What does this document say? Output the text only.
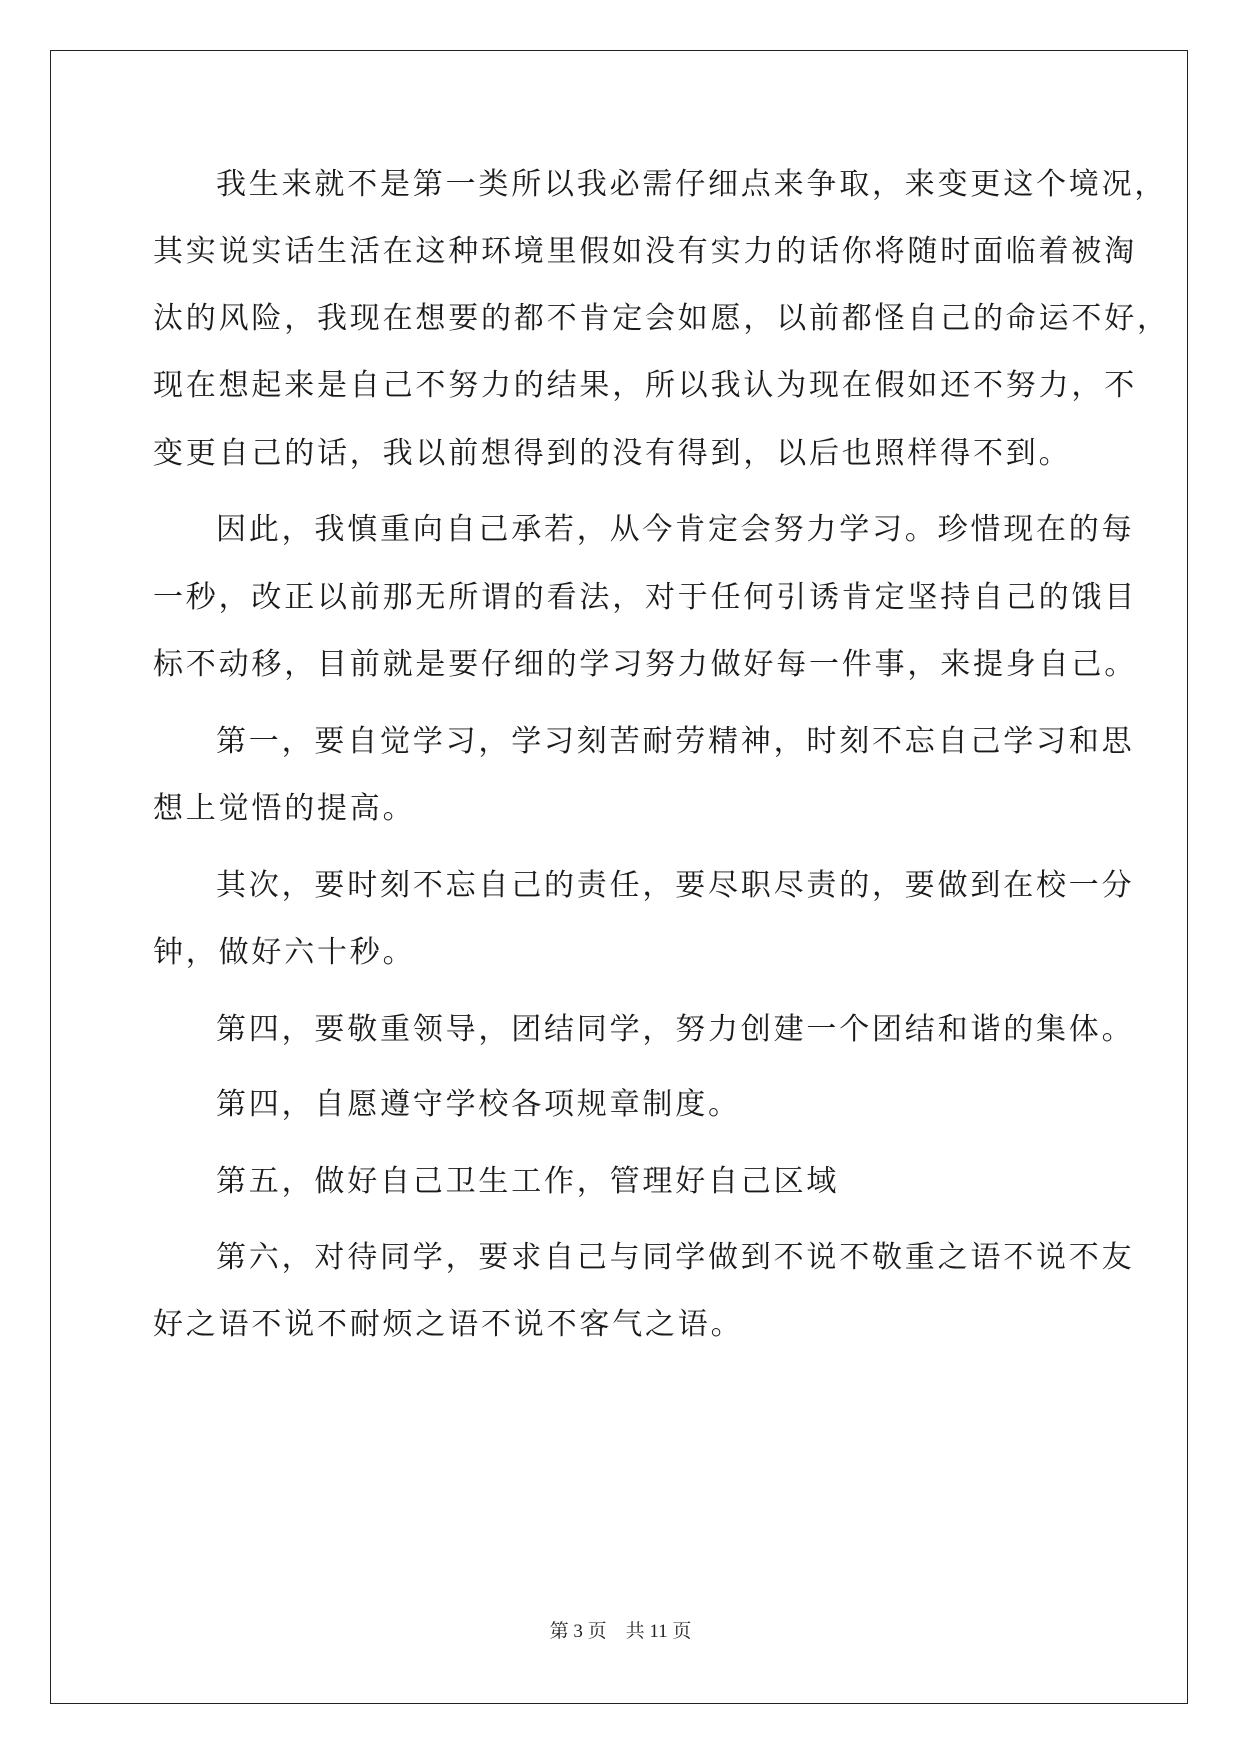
我生来就不是第一类所以我必需仔细点来争取，来变更这个境况，
其实说实话生活在这种环境里假如没有实力的话你将随时面临着被淘
汰的风险，我现在想要的都不肯定会如愿，以前都怪自己的命运不好，
现在想起来是自己不努力的结果，所以我认为现在假如还不努力，不
变更自己的话，我以前想得到的没有得到，以后也照样得不到。
因此，我慎重向自己承若，从今肯定会努力学习。珍惜现在的每
一秒，改正以前那无所谓的看法，对于任何引诱肯定坚持自己的饿目
标不动移，目前就是要仔细的学习努力做好每一件事，来提身自己。
第一，要自觉学习，学习刻苦耐劳精神，时刻不忘自己学习和思
想上觉悟的提高。
其次，要时刻不忘自己的责任，要尽职尽责的，要做到在校一分
钟，做好六十秒。
第四，要敬重领导，团结同学，努力创建一个团结和谐的集体。
第四，自愿遵守学校各项规章制度。
第五，做好自己卫生工作，管理好自己区域
第六，对待同学，要求自己与同学做到不说不敬重之语不说不友
好之语不说不耐烦之语不说不客气之语。
第 3 页　共 11 页
